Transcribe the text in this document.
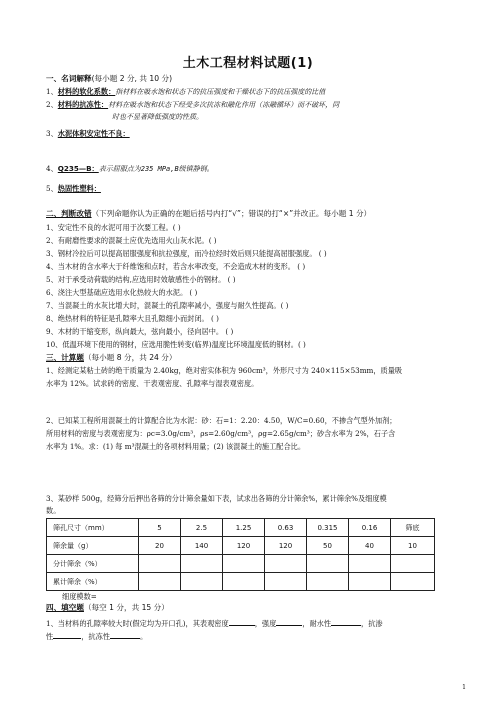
土木工程材料试题(1)
一、名词解释(每小题 2 分, 共 10 分)
1、材料的软化系数：指材料在吸水饱和状态下的抗压强度和干燥状态下的抗压强度的比值
2、材料的抗冻性：材料在吸水饱和状态下经受多次抗冻和融化作用（冻融循环）而不破坏，同
时也不显著降低强度的性质。
3、水泥体积安定性不良：
4、Q235—B：表示屈服点为235 MPa,B级镇静钢。
5、热固性塑料：
二、判断改错（下列命题你认为正确的在题后括号内打“√”；错误的打“×”并改正。每小题 1 分）
1、安定性不良的水泥可用于次要工程。( )
2、有耐磨性要求的混凝土应优先选用火山灰水泥。( )
3、钢材冷拉后可以提高屈服强度和抗拉强度，而冷拉经时效后则只能提高屈服强度。 ( )
4、当木材的含水率大于纤维饱和点时，若含水率改变，不会造成木材的变形。 ( )
5、对于承受动荷载的结构,应选用时效敏感性小的钢材。 ( )
6、浇注大型基础应选用水化热较大的水泥。 ( )
7、当混凝土的水灰比增大时，混凝土的孔隙率减小，强度与耐久性提高。( )
8、绝热材料的特征是孔隙率大且孔隙细小而封闭。 ( )
9、木材的干缩变形，纵向最大，弦向最小，径向居中。 ( )
10、低温环境下使用的钢材，应选用脆性转变(临界)温度比环境温度低的钢材。( )
三、计算题（每小题 8 分，共 24 分）
1、经测定某粘土砖的绝干质量为 2.40kg，绝对密实体积为 960cm³，外形尺寸为 240×115×53mm，质量吸
水率为 12%。试求砖的密度、干表观密度、孔隙率与湿表观密度。
2、已知某工程所用混凝土的计算配合比为水泥：砂：石=1：2.20：4.50，W/C=0.60，不掺含气型外加剂；
所用材料的密度与表观密度为：ρc=3.0g/cm³，ρs=2.60g/cm³，ρg=2.65g/cm³；砂含水率为 2%，石子含
水率为 1%。求：(1) 每 m³混凝土的各项材料用量；(2) 该混凝土的施工配合比。
3、某砂样 500g，经筛分后押出各筛的分计筛余量如下表，试求出各筛的分计筛余%，累计筛余%及细度模
数。
筛孔尺寸（mm）	5	2.5	1.25	0.63	0.315	0.16	筛底
筛余量（g）	20	140	120	120	50	40	10
分计筛余（%）							
累计筛余（%）							
细度模数=
四、填空题（每空 1 分，共 15 分）
1、当材料的孔隙率较大时(假定均为开口孔)，其表观密度	，强度	，耐水性	，抗渗
性	，抗冻性	。
1
